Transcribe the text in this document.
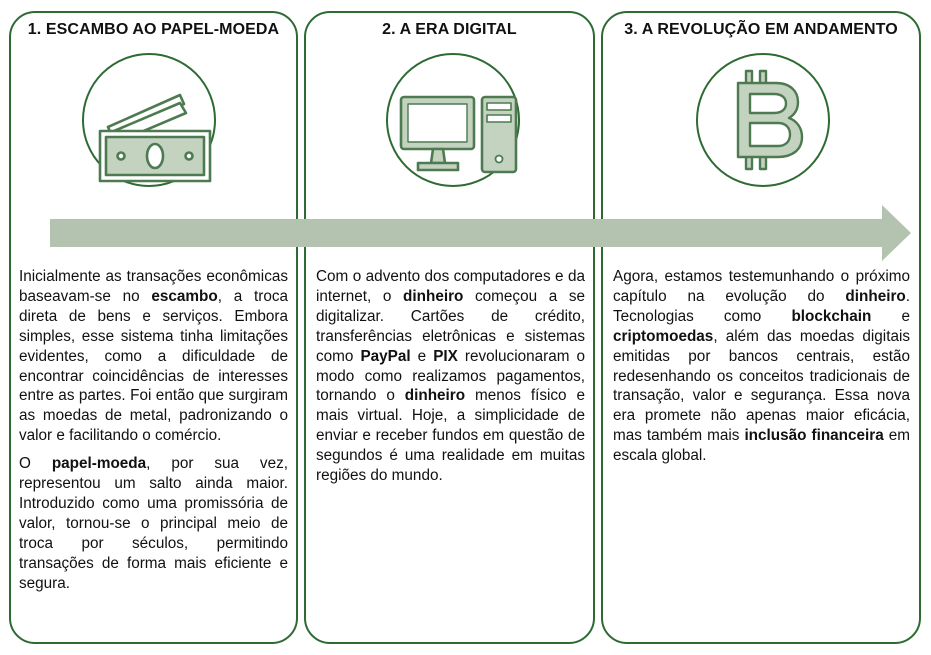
1. ESCAMBO AO PAPEL-MOEDA

Inicialmente as transações econômicas baseavam-se no escambo, a troca direta de bens e serviços. Embora simples, esse sistema tinha limitações evidentes, como a dificuldade de encontrar coincidências de interesses entre as partes. Foi então que surgiram as moedas de metal, padronizando o valor e facilitando o comércio.

O papel-moeda, por sua vez, representou um salto ainda maior. Introduzido como uma promissória de valor, tornou-se o principal meio de troca por séculos, permitindo transações de forma mais eficiente e segura.

2. A ERA DIGITAL

Com o advento dos computadores e da internet, o dinheiro começou a se digitalizar. Cartões de crédito, transferências eletrônicas e sistemas como PayPal e PIX revolucionaram o modo como realizamos pagamentos, tornando o dinheiro menos físico e mais virtual. Hoje, a simplicidade de enviar e receber fundos em questão de segundos é uma realidade em muitas regiões do mundo.

3. A REVOLUÇÃO EM ANDAMENTO

Agora, estamos testemunhando o próximo capítulo na evolução do dinheiro. Tecnologias como blockchain e criptomoedas, além das moedas digitais emitidas por bancos centrais, estão redesenhando os conceitos tradicionais de transação, valor e segurança. Essa nova era promete não apenas maior eficácia, mas também mais inclusão financeira em escala global.
